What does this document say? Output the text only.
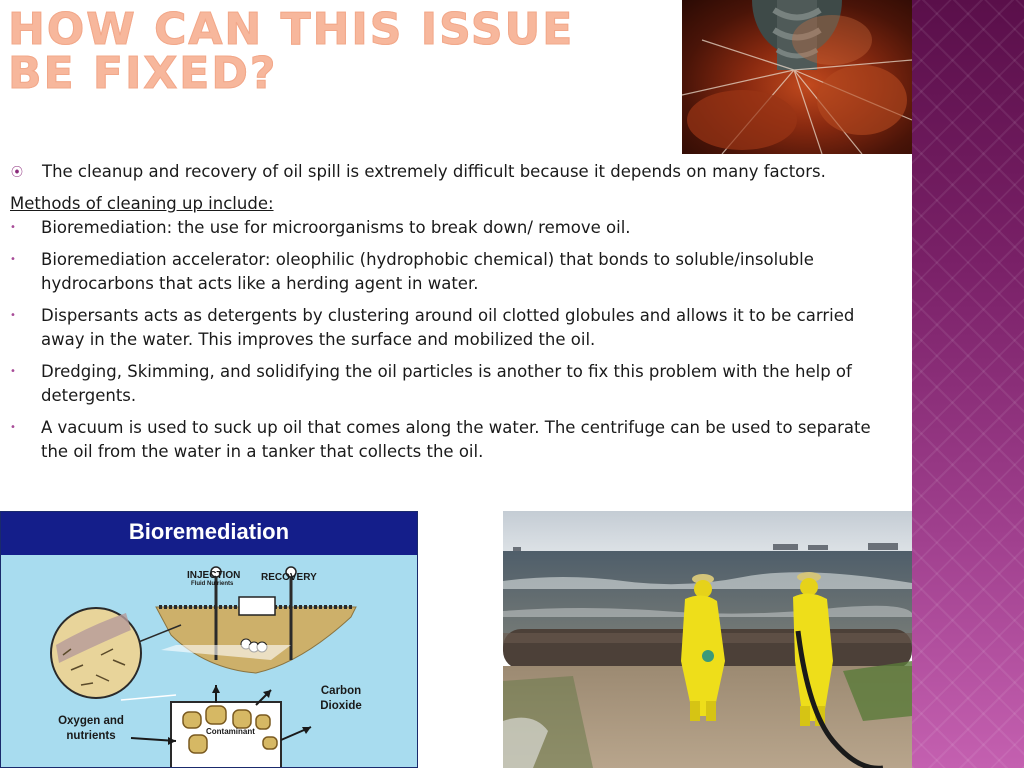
HOW CAN THIS ISSUE BE FIXED?
⦿	The cleanup and recovery of oil spill is extremely difficult because it depends on many factors.

Methods of cleaning up include:

•	Bioremediation: the use for microorganisms to break down/ remove oil.

•	Bioremediation accelerator: oleophilic (hydrophobic chemical) that bonds to soluble/insoluble hydrocarbons that acts like a herding agent in water.

•	Dispersants acts as detergents by clustering around oil clotted globules and allows it to be carried away in the water. This improves the surface and mobilized the oil.

•	Dredging, Skimming, and solidifying the oil particles is another to fix this problem with the help of detergents.

•	A vacuum is used to suck up oil that comes along the water. The centrifuge can be used to separate the oil from the water in a tanker that collects the oil.

Bioremediation
INJECTION
Fluid Nutrients
RECOVERY
Carbon Dioxide
Oxygen and nutrients	Contaminant
